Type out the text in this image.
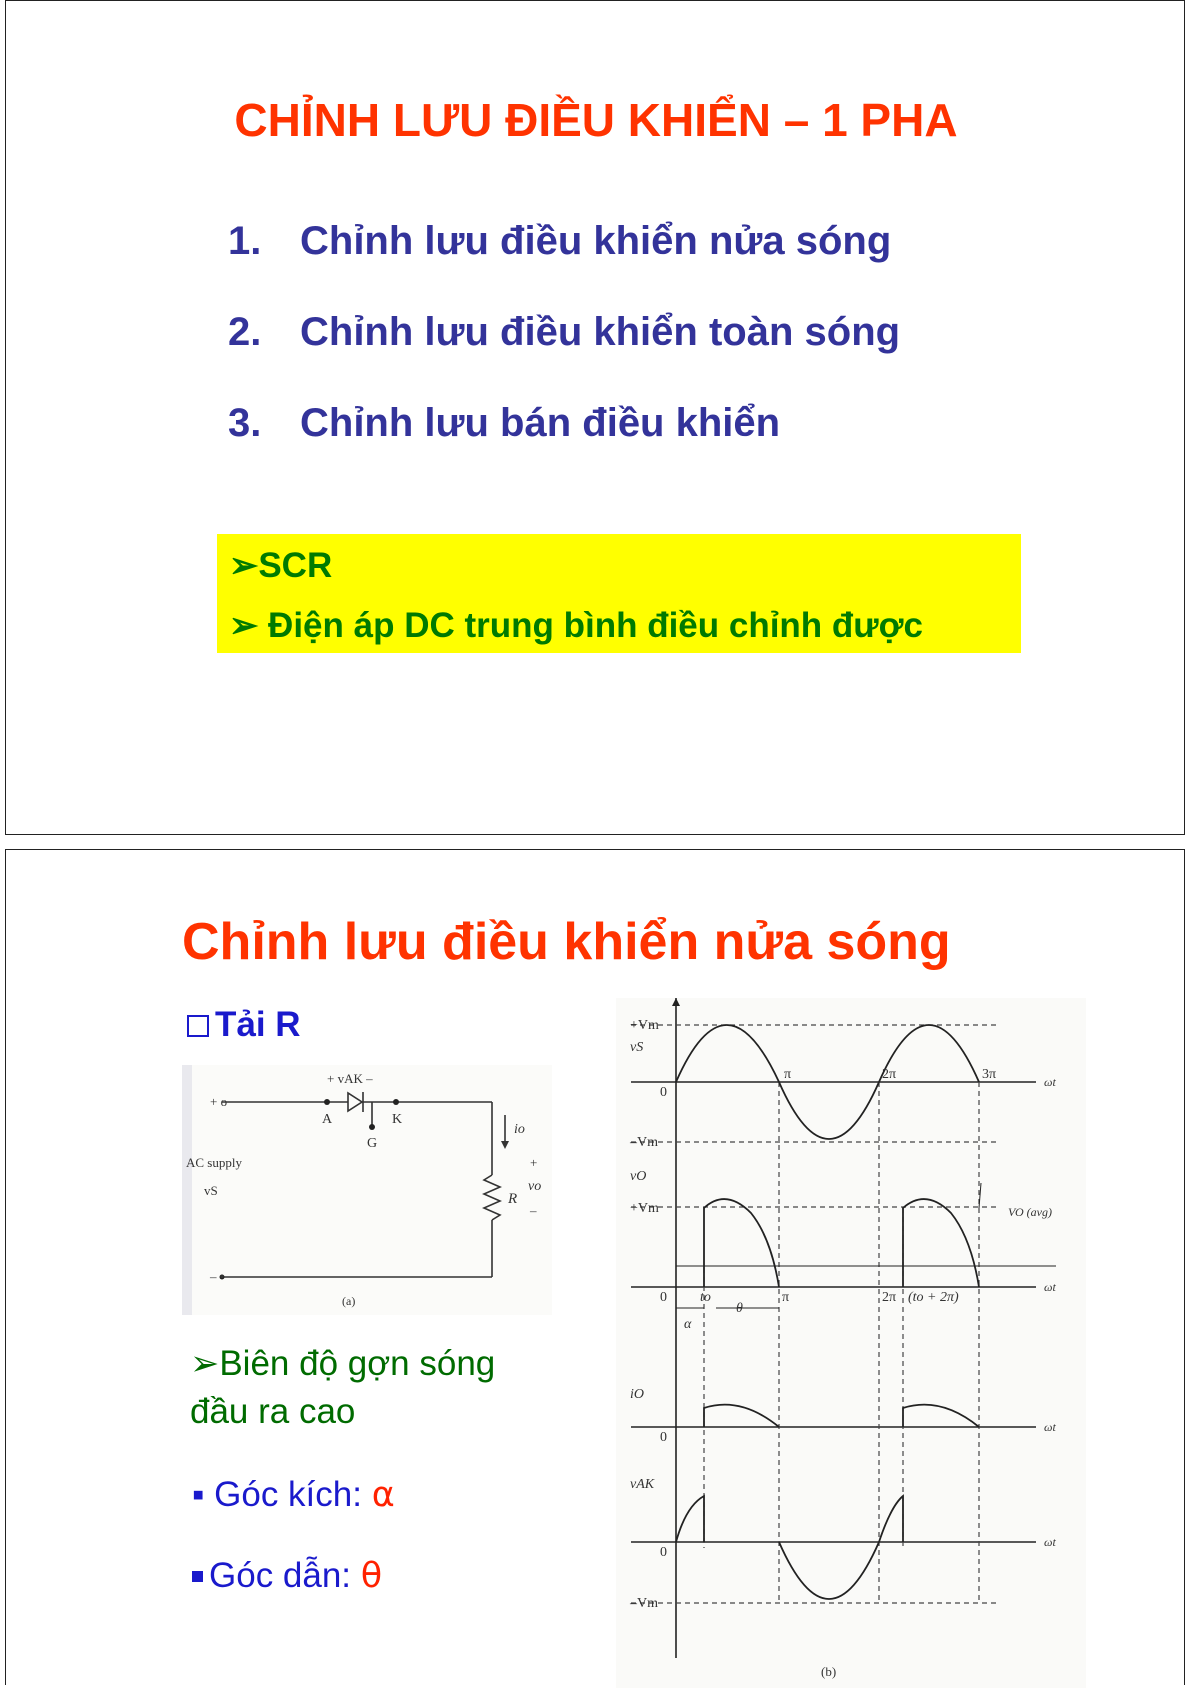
CHỈNH LƯU ĐIỀU KHIỂN – 1 PHA
1. Chỉnh lưu điều khiển nửa sóng
2. Chỉnh lưu điều khiển toàn sóng
3. Chỉnh lưu bán điều khiển
➢SCR
➢ Điện áp DC trung bình điều chỉnh được
Chỉnh lưu điều khiển nửa sóng
Tải R
+ o
– •
+ vAK –
A	K
G
AC supply
vS
io
+
vo
–
R
(a)
➢Biên độ gợn sóng
đầu ra cao
▪ Góc kích: α
Góc dẫn: θ
+Vm
vS
0
π	2π	3π	ωt
–Vm
vO
+Vm	VO (avg)
0 to	π	2π (to + 2π)
ωt
α
θ
iO
0
ωt
vAK
0
ωt
–Vm
(b)
